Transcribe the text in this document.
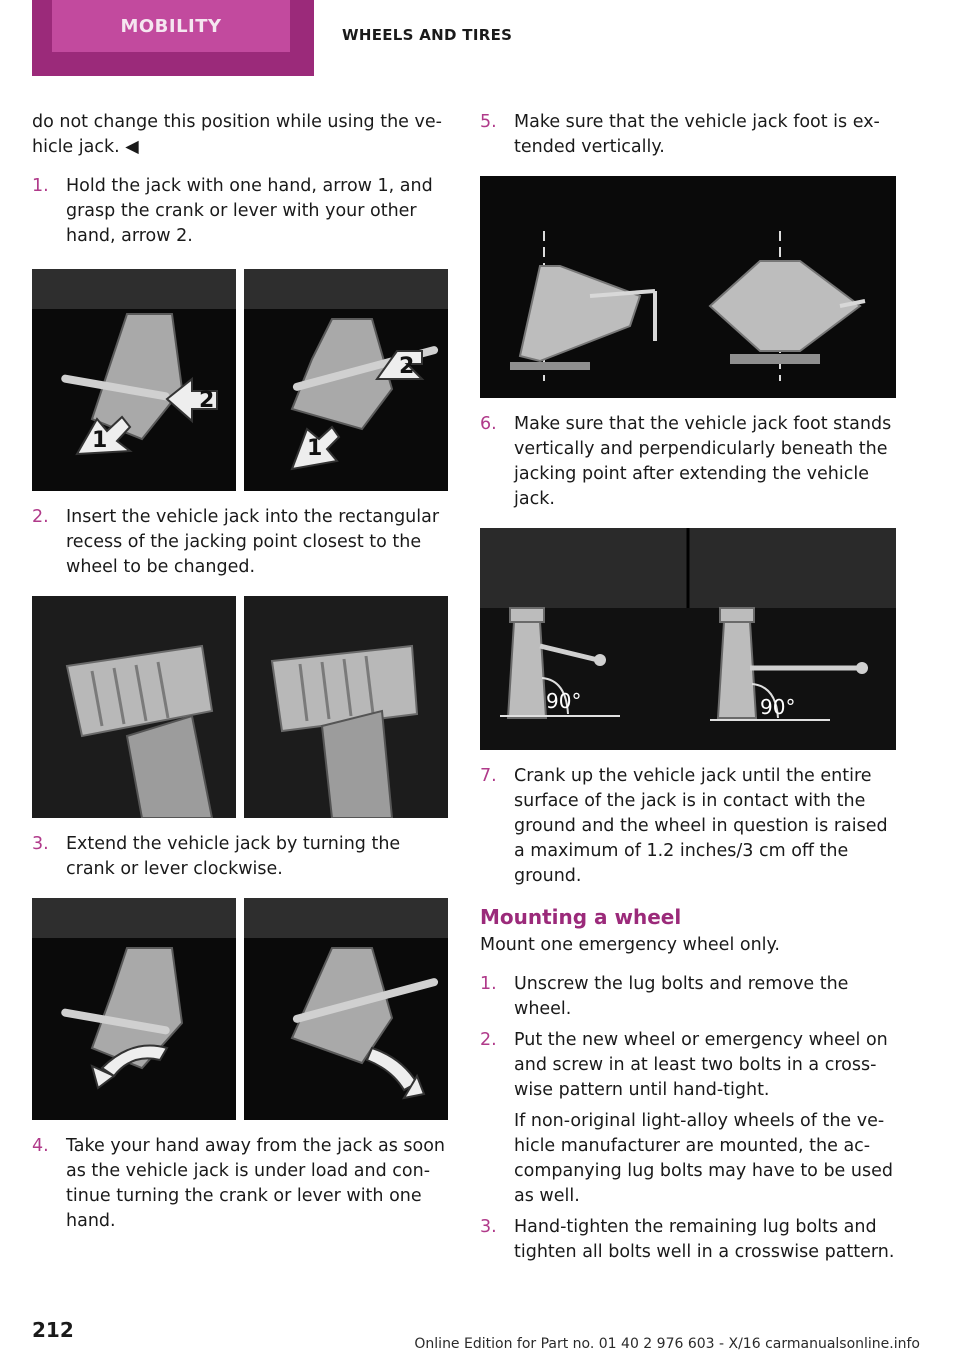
MOBILITY	WHEELS AND TIRES

do not change this position while using the ve‐ hicle jack. ◀

1. Hold the jack with one hand, arrow 1, and grasp the crank or lever with your other hand, arrow 2.
2
2
1	1
2. Insert the vehicle jack into the rectangular recess of the jacking point closest to the wheel to be changed.
3. Extend the vehicle jack by turning the crank or lever clockwise.
4. Take your hand away from the jack as soon as the vehicle jack is under load and con‐ tinue turning the crank or lever with one hand.
5. Make sure that the vehicle jack foot is ex‐ tended vertically.
6. Make sure that the vehicle jack foot stands vertically and perpendicularly beneath the jacking point after extending the vehicle jack.
90°	90°
7. Crank up the vehicle jack until the entire surface of the jack is in contact with the ground and the wheel in question is raised a maximum of 1.2 inches/3 cm off the ground.
Mounting a wheel

Mount one emergency wheel only.

1. Unscrew the lug bolts and remove the wheel.
2. Put the new wheel or emergency wheel on and screw in at least two bolts in a cross‐ wise pattern until hand-tight.

If non-original light-alloy wheels of the ve‐ hicle manufacturer are mounted, the ac‐ companying lug bolts may have to be used as well.

3. Hand-tighten the remaining lug bolts and tighten all bolts well in a crosswise pattern.
212
Online Edition for Part no. 01 40 2 976 603 - X/16 carmanualsonline.info
